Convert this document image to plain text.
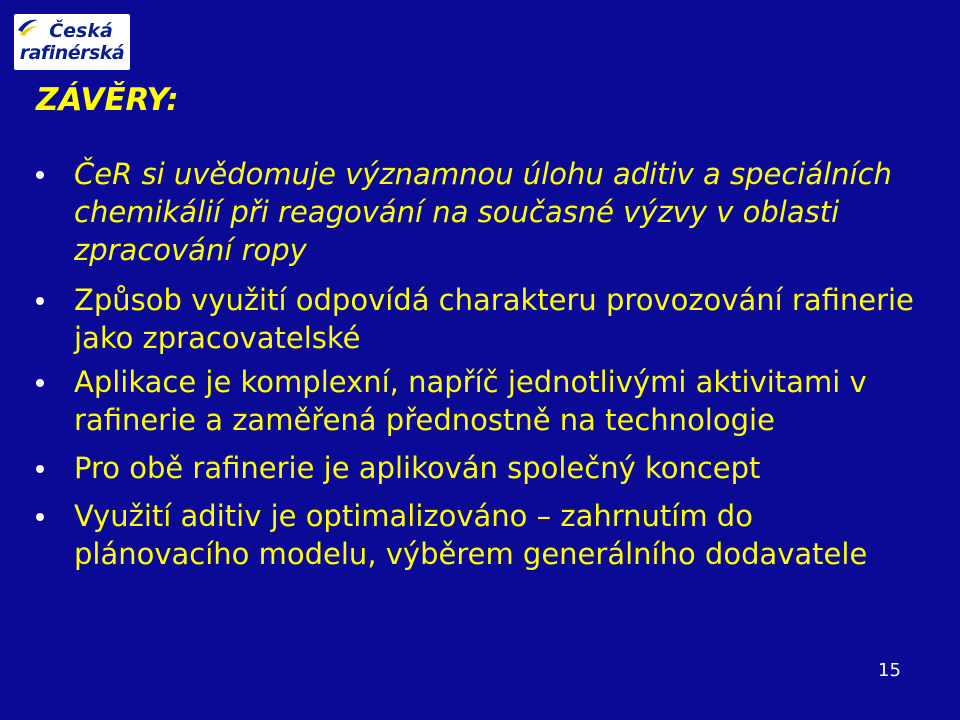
Česká
rafinérská
ZÁVĚRY:
ČeR si uvědomuje významnou úlohu aditiv a speciálních chemikálií při reagování na současné výzvy v oblasti zpracování ropy
Způsob využití odpovídá charakteru provozování rafinerie jako zpracovatelské
Aplikace je komplexní, napříč jednotlivými aktivitami v rafinerie a zaměřená přednostně na technologie
Pro obě rafinerie je aplikován společný koncept
Využití aditiv je optimalizováno – zahrnutím do plánovacího modelu, výběrem generálního dodavatele
15
